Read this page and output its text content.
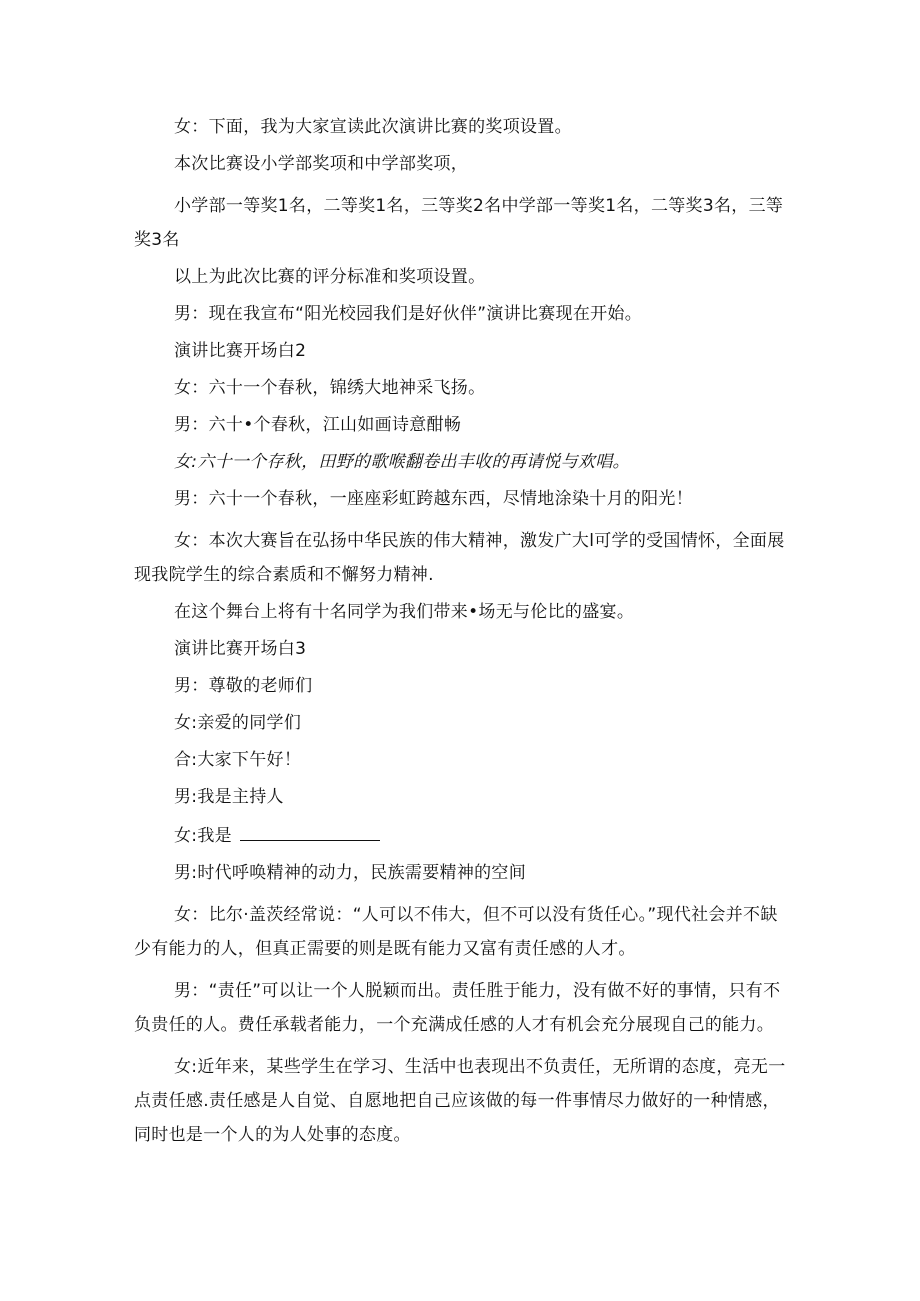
女：下面，我为大家宣读此次演讲比赛的奖项设置。

本次比赛设小学部奖项和中学部奖项，

小学部一等奖1名，二等奖1名，三等奖2名中学部一等奖1名，二等奖3名，三等奖3名

以上为此次比赛的评分标准和奖项设置。

男：现在我宣布“阳光校园我们是好伙伴”演讲比赛现在开始。

演讲比赛开场白2

女：六十一个春秋，锦绣大地神采飞扬。

男：六十•个春秋，江山如画诗意酣畅

女:六十一个存秋，田野的歌喉翻卷出丰收的再请悦与欢唱。

男：六十一个春秋，一座座彩虹跨越东西，尽情地涂染十月的阳光！

女：本次大赛旨在弘扬中华民族的伟大精神，激发广大l可学的受国情怀，全面展现我院学生的综合素质和不懈努力精神.

在这个舞台上将有十名同学为我们带来•场无与伦比的盛宴。

演讲比赛开场白3

男：尊敬的老师们

女:亲爱的同学们

合:大家下午好！

男:我是主持人

女:我是

男:时代呼唤精神的动力，民族需要精神的空间

女：比尔·盖茨经常说：“人可以不伟大，但不可以没有货任心。”现代社会并不缺少有能力的人，但真正需要的则是既有能力又富有责任感的人才。

男：“责任”可以让一个人脱颖而出。责任胜于能力，没有做不好的事情，只有不负贵任的人。费任承载者能力，一个充满成任感的人才有机会充分展现自己的能力。

女:近年来，某些学生在学习、生活中也表现出不负责任，无所谓的态度，亮无一点责任感.责任感是人自觉、自愿地把自己应该做的每一件事情尽力做好的一种情感，同时也是一个人的为人处事的态度。
